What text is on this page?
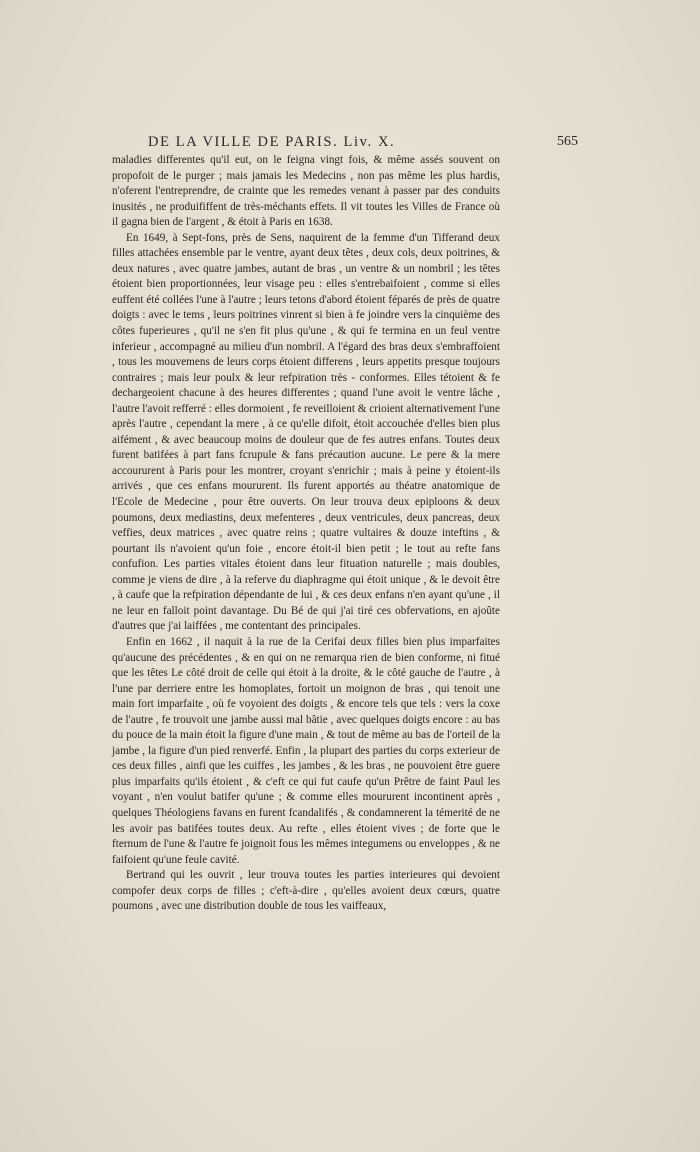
DE LA VILLE DE PARIS. Liv. X.	565

maladies differentes qu'il eut, on le feigna vingt fois, & même assés souvent on propofoit de le purger ; mais jamais les Medecins , non pas même les plus hardis, n'oferent l'entreprendre, de crainte que les remedes venant à passer par des conduits inusités , ne produififfent de très-méchants effets. Il vit toutes les Villes de France où il gagna bien de l'argent , & étoit à Paris en 1638.

En 1649, à Sept-fons, près de Sens, naquirent de la femme d'un Tifferand deux filles attachées ensemble par le ventre, ayant deux têtes , deux cols, deux poitrines, & deux natures , avec quatre jambes, autant de bras , un ventre & un nombril ; les têtes étoient bien proportionnées, leur visage peu : elles s'entrebaifoient , comme si elles euffent été collées l'une à l'autre ; leurs tetons d'abord étoient féparés de près de quatre doigts : avec le tems , leurs poitrines vinrent si bien à fe joindre vers la cinquième des côtes fuperieures , qu'il ne s'en fit plus qu'une , & qui fe termina en un feul ventre inferieur , accompagné au milieu d'un nombril. A l'égard des bras deux s'embraffoient , tous les mouvemens de leurs corps étoient differens , leurs appetits presque toujours contraires ; mais leur poulx & leur refpiration très - conformes. Elles tétoient & fe dechargeoient chacune à des heures differentes ; quand l'une avoit le ventre lâche , l'autre l'avoit refferré : elles dormoient , fe reveilloient & crioient alternativement l'une après l'autre , cependant la mere , à ce qu'elle difoit, étoit accouchée d'elles bien plus aifément , & avec beaucoup moins de douleur que de fes autres enfans. Toutes deux furent batifées à part fans fcrupule & fans précaution aucune. Le pere & la mere accoururent à Paris pour les montrer, croyant s'enrichir ; mais à peine y étoient-ils arrivés , que ces enfans moururent. Ils furent apportés au théatre anatomique de l'Ecole de Medecine , pour être ouverts. On leur trouva deux epiploons & deux poumons, deux mediastins, deux mefenteres , deux ventricules, deux pancreas, deux veffies, deux matrices , avec quatre reins ; quatre vultaires & douze inteftins , & pourtant ils n'avoient qu'un foie , encore étoit-il bien petit ; le tout au refte fans confufion. Les parties vitales étoient dans leur fituation naturelle ; mais doubles, comme je viens de dire , à la referve du diaphragme qui étoit unique , & le devoit être , à caufe que la refpiration dépendante de lui , & ces deux enfans n'en ayant qu'une , il ne leur en falloit point davantage. Du Bé de qui j'ai tiré ces obfervations, en ajoûte d'autres que j'ai laiffées , me contentant des principales.

Enfin en 1662 , il naquit à la rue de la Cerifai deux filles bien plus imparfaites qu'aucune des précédentes , & en qui on ne remarqua rien de bien conforme, ni fitué que les têtes Le côté droit de celle qui étoit à la droite, & le côté gauche de l'autre , à l'une par derriere entre les homoplates, fortoit un moignon de bras , qui tenoit une main fort imparfaite , où fe voyoient des doigts , & encore tels que tels : vers la coxe de l'autre , fe trouvoit une jambe aussi mal bâtie , avec quelques doigts encore : au bas du pouce de la main étoit la figure d'une main , & tout de même au bas de l'orteil de la jambe , la figure d'un pied renverfé. Enfin , la plupart des parties du corps exterieur de ces deux filles , ainfi que les cuiffes , les jambes , & les bras , ne pouvoient être guere plus imparfaits qu'ils étoient , & c'eft ce qui fut caufe qu'un Prêtre de faint Paul les voyant , n'en voulut batifer qu'une ; & comme elles moururent incontinent après , quelques Théologiens favans en furent fcandalifés , & condamnerent la témerité de ne les avoir pas batifées toutes deux. Au refte , elles étoient vives ; de forte que le fternum de l'une & l'autre fe joignoit fous les mêmes integumens ou enveloppes , & ne faifoient qu'une feule cavité.

Bertrand qui les ouvrit , leur trouva toutes les parties interieures qui devoient compofer deux corps de filles ; c'eft-à-dire , qu'elles avoient deux cœurs, quatre poumons , avec une distribution double de tous les vaiffeaux,
